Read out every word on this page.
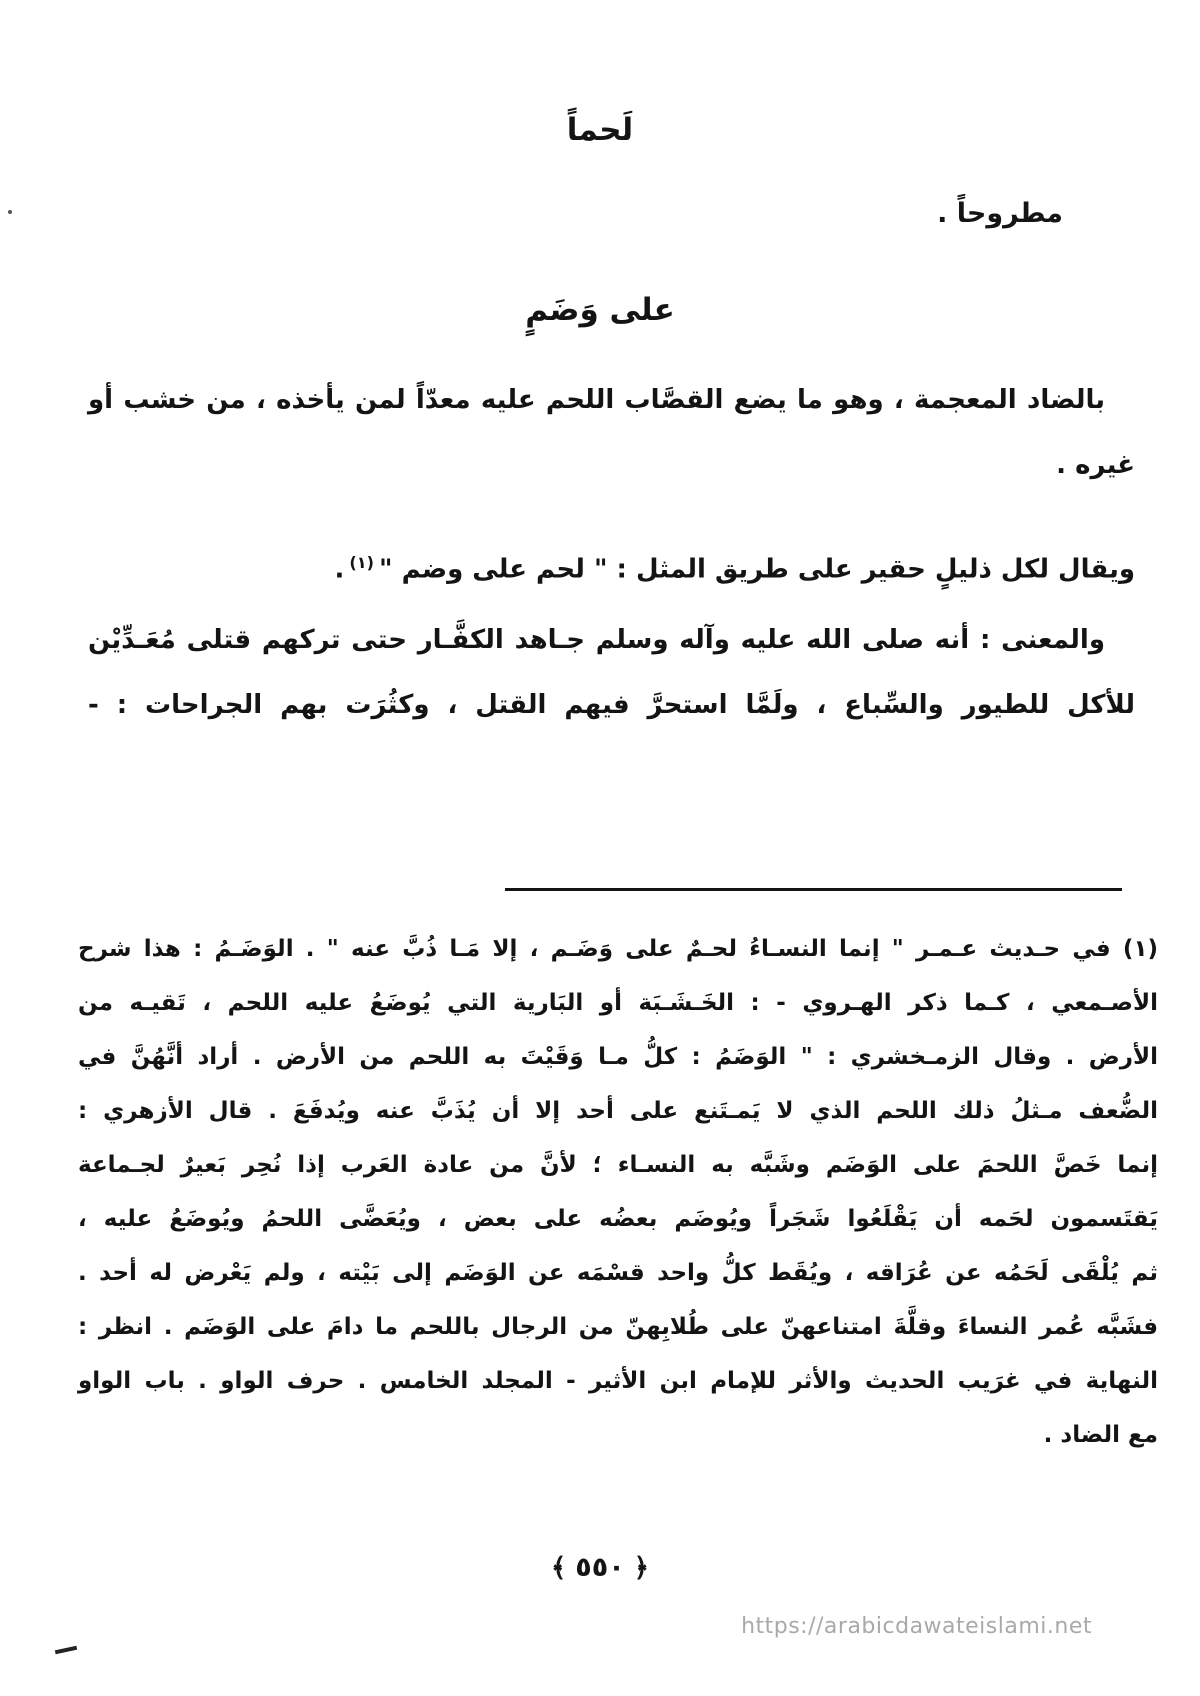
لَحماً
مطروحاً .
على وَضَمٍ
بالضاد المعجمة ، وهو ما يضع القصَّاب اللحم عليه معدّاً لمن يأخذه ، من خشب أو
غيره .
ويقال لكل ذليلٍ حقير على طريق المثل : " لحم على وضم "$^{(١)}$.
والمعنى : أنه صلى الله عليه وآله وسلم جـاهد الكفَّـار حتى تركهم قتلى مُعَـدِّيْن
للأكل للطيور والسِّباع ، ولَمَّا استحرَّ فيهم القتل ، وكثُرَت بهم الجراحات : -
(١) في حـديث عـمـر " إنما النسـاءُ لحـمٌ على وَضَـم ، إلا مَـا ذُبَّ عنه " . الوَضَـمُ : هذا شرح
الأصـمعي ، كـما ذكر الهـروي - : الخَـشَـبَة أو البَارية التي يُوضَعُ عليه اللحم ، تَقيـه من
الأرض . وقال الزمـخشري : " الوَضَمُ : كلُّ مـا وَقَيْتَ به اللحم من الأرض . أراد أنَّهُنَّ في
الضُّعف مـثلُ ذلك اللحم الذي لا يَمـتَنع على أحد إلا أن يُذَبَّ عنه ويُدفَعَ . قال الأزهري :
إنما خَصَّ اللحمَ على الوَضَم وشَبَّه به النسـاء ؛ لأنَّ من عادة العَرب إذا نُحِر بَعيرٌ لجـماعة
يَقتَسمون لحَمه أن يَقْلَعُوا شَجَراً ويُوضَم بعضُه على بعض ، ويُعَضَّى اللحمُ ويُوضَعُ عليه ،
ثم يُلْقَى لَحَمُه عن عُرَاقه ، ويُقَط كلُّ واحد قسْمَه عن الوَضَم إلى بَيْته ، ولم يَعْرض له أحد .
فشَبَّه عُمر النساءَ وقلَّةَ امتناعهنّ على طُلابِهنّ من الرجال باللحم ما دامَ على الوَضَم . انظر :
النهاية في غرَيب الحديث والأثر للإمام ابن الأثير - المجلد الخامس . حرف الواو . باب الواو
مع الضاد .
﴾ ٥٥٠ ﴿
https://arabicdawateislami.net
